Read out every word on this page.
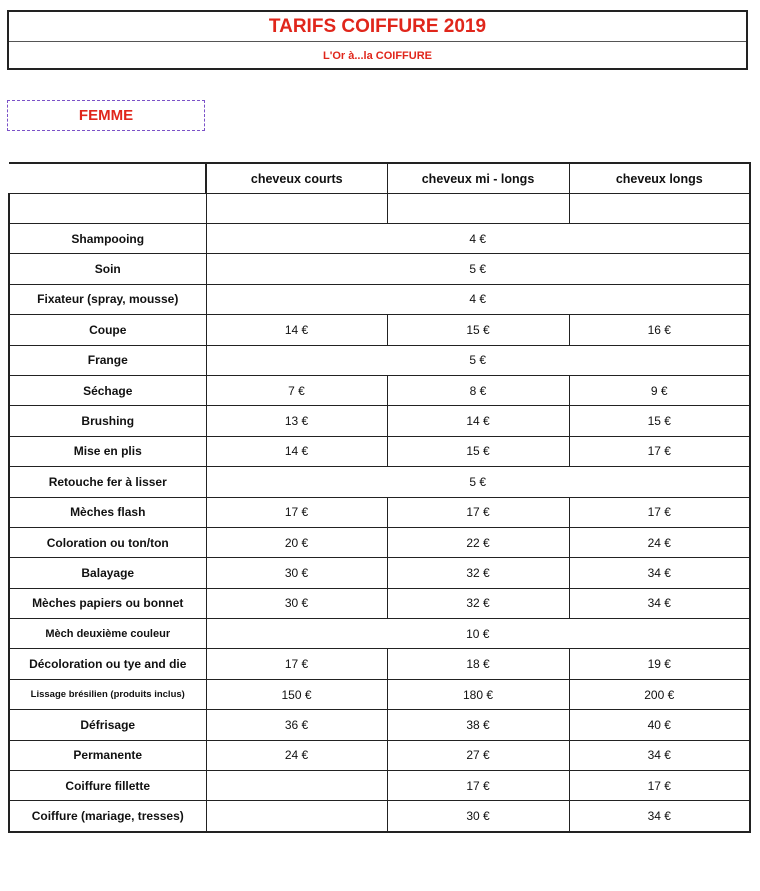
TARIFS COIFFURE 2019
L'Or à...la COIFFURE
FEMME
	cheveux courts	cheveux mi - longs	cheveux longs

Shampooing	4 €		
Soin	5 €		
Fixateur (spray, mousse)	4 €		
Coupe	14 €	15 €	16 €
Frange	5 €		
Séchage	7 €	8 €	9 €
Brushing	13 €	14 €	15 €
Mise en plis	14 €	15 €	17 €
Retouche fer à lisser	5 €		
Mèches flash	17 €	17 €	17 €
Coloration ou ton/ton	20 €	22 €	24 €
Balayage	30 €	32 €	34 €
Mèches papiers ou bonnet	30 €	32 €	34 €
Mèch deuxième couleur	10 €		
Décoloration ou tye and die	17 €	18 €	19 €
Lissage brésilien (produits inclus)	150 €	180 €	200 €
Défrisage	36 €	38 €	40 €
Permanente	24 €	27 €	34 €
Coiffure fillette		17 €	17 €
Coiffure (mariage, tresses)		30 €	34 €
